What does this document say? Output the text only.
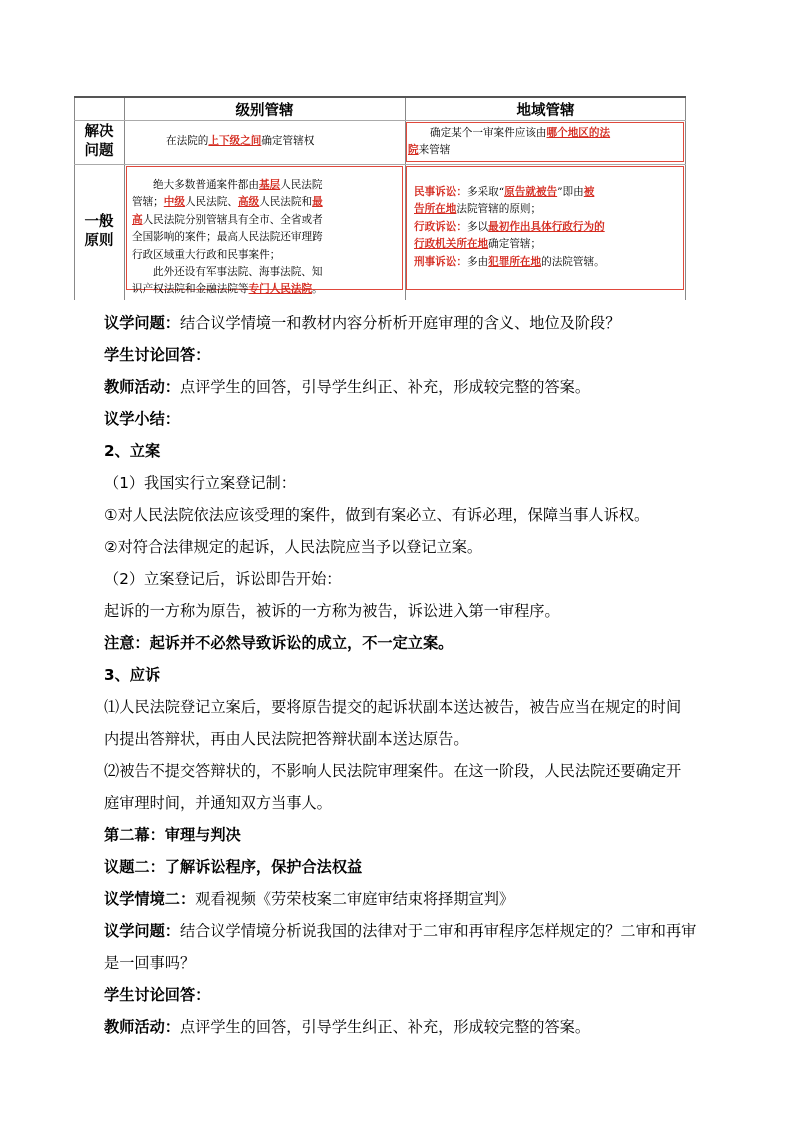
级别管辖	地域管辖
解决
问题
在法院的上下级之间确定管辖权
确定某个一审案件应该由哪个地区的法
院来管辖
一般
原则
绝大多数普通案件都由基层人民法院
管辖；中级人民法院、高级人民法院和最
高人民法院分别管辖具有全市、全省或者
全国影响的案件；最高人民法院还审理跨
行政区域重大行政和民事案件；
此外还设有军事法院、海事法院、知
识产权法院和金融法院等专门人民法院。
民事诉讼：多采取“原告就被告”即由被
告所在地法院管辖的原则；
行政诉讼：多以最初作出具体行政行为的
行政机关所在地确定管辖；
刑事诉讼：多由犯罪所在地的法院管辖。
议学问题：结合议学情境一和教材内容分析析开庭审理的含义、地位及阶段？
学生讨论回答：
教师活动：点评学生的回答，引导学生纠正、补充，形成较完整的答案。
议学小结：
2、立案
（1）我国实行立案登记制：
①对人民法院依法应该受理的案件，做到有案必立、有诉必理，保障当事人诉权。
②对符合法律规定的起诉，人民法院应当予以登记立案。
（2）立案登记后，诉讼即告开始：
起诉的一方称为原告，被诉的一方称为被告，诉讼进入第一审程序。
注意：起诉并不必然导致诉讼的成立，不一定立案。
3、应诉
⑴人民法院登记立案后，要将原告提交的起诉状副本送达被告，被告应当在规定的时间
内提出答辩状，再由人民法院把答辩状副本送达原告。
⑵被告不提交答辩状的，不影响人民法院审理案件。在这一阶段，人民法院还要确定开
庭审理时间，并通知双方当事人。
第二幕：审理与判决
议题二：了解诉讼程序，保护合法权益
议学情境二：观看视频《劳荣枝案二审庭审结束将择期宣判》
议学问题：结合议学情境分析说我国的法律对于二审和再审程序怎样规定的？二审和再审
是一回事吗？
学生讨论回答：
教师活动：点评学生的回答，引导学生纠正、补充，形成较完整的答案。
